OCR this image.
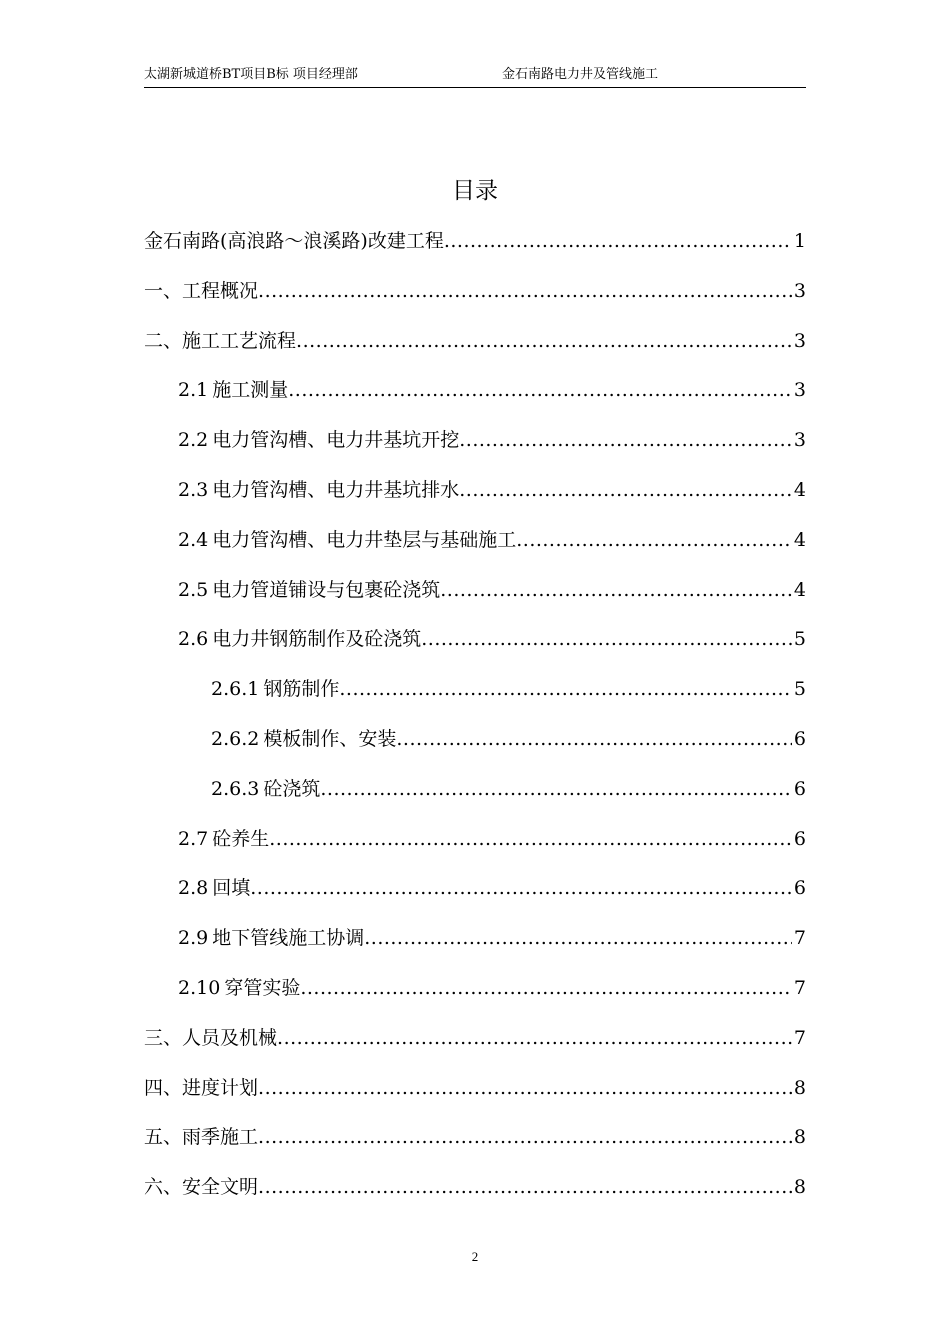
太湖新城道桥BT项目B标 项目经理部	金石南路电力井及管线施工
目录
金石南路(高浪路～浪溪路)改建工程 .....	1
一、 工程概况 .....	3
二、 施工工艺流程 .....	3
2.1 施工测量 .....	3
2.2 电力管沟槽、电力井基坑开挖 .....	3
2.3 电力管沟槽、电力井基坑排水 .....	4
2.4 电力管沟槽、电力井垫层与基础施工 .....	4
2.5 电力管道铺设与包裹砼浇筑 .....	4
2.6 电力井钢筋制作及砼浇筑 .....	5
2.6.1 钢筋制作 .....	5
2.6.2 模板制作、安装 .....	6
2.6.3 砼浇筑 .....	6
2.7 砼养生 .....	6
2.8 回填 .....	6
2.9 地下管线施工协调 .....	7
2.10 穿管实验 .....	7
三、 人员及机械 .....	7
四、 进度计划 .....	8
五、 雨季施工 .....	8
六、 安全文明 .....	8
2
